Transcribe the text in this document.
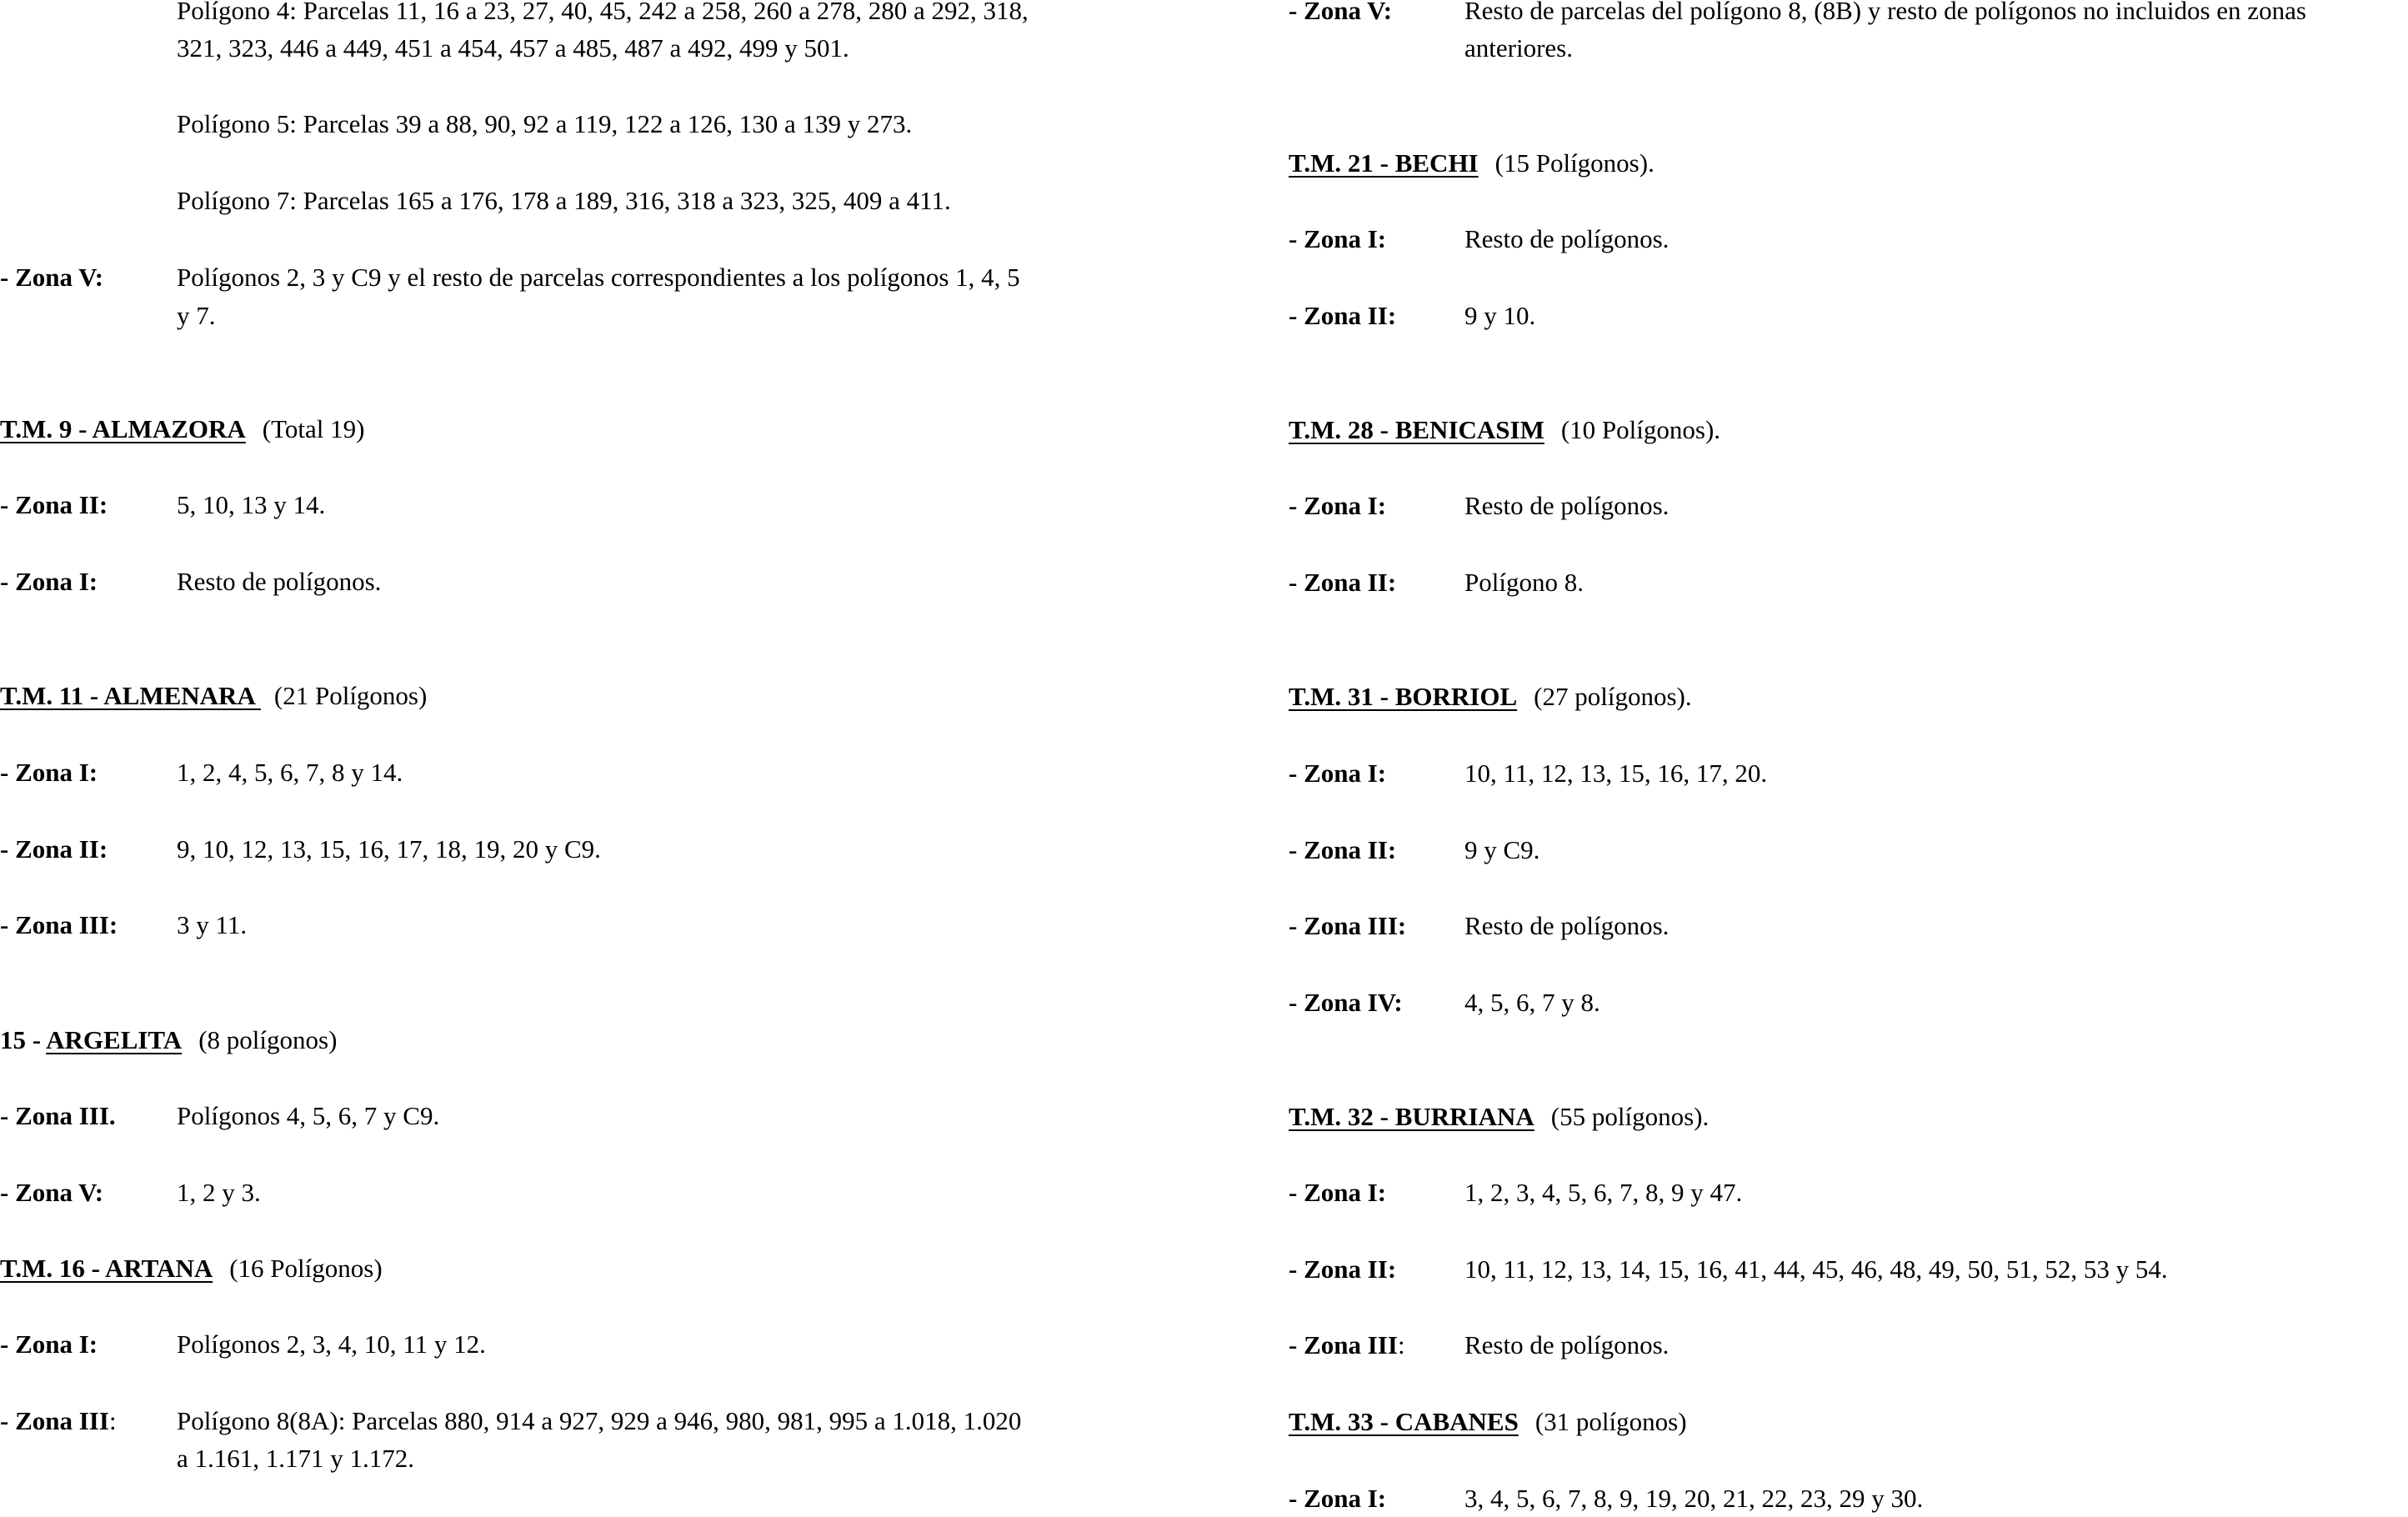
Polígono 4: Parcelas 11, 16 a 23, 27, 40, 45, 242 a 258, 260 a 278, 280 a 292, 318,
321, 323, 446 a 449, 451 a 454, 457 a 485, 487 a 492, 499 y 501.
Polígono 5: Parcelas 39 a 88, 90, 92 a 119, 122 a 126, 130 a 139 y 273.
Polígono 7: Parcelas 165 a 176, 178 a 189, 316, 318 a 323, 325, 409 a 411.
- Zona V:	Polígonos 2, 3 y C9 y el resto de parcelas correspondientes a los polígonos 1, 4, 5
y 7.
T.M. 9 - ALMAZORA (Total 19)
- Zona II:	5, 10, 13 y 14.
- Zona I:	Resto de polígonos.
T.M. 11 - ALMENARA (21 Polígonos)
- Zona I:	1, 2, 4, 5, 6, 7, 8 y 14.
- Zona II:	9, 10, 12, 13, 15, 16, 17, 18, 19, 20 y C9.
- Zona III: 3 y 11.
15 - ARGELITA (8 polígonos)
- Zona III. Polígonos 4, 5, 6, 7 y C9.
- Zona V:	1, 2 y 3.
T.M. 16 - ARTANA (16 Polígonos)
- Zona I:	Polígonos 2, 3, 4, 10, 11 y 12.
- Zona III: Polígono 8(8A): Parcelas 880, 914 a 927, 929 a 946, 980, 981, 995 a 1.018, 1.020
a 1.161, 1.171 y 1.172.
- Zona V:	Resto de parcelas del polígono 8, (8B) y resto de polígonos no incluidos en zonas
anteriores.
T.M. 21 - BECHI (15 Polígonos).
- Zona I:	Resto de polígonos.
- Zona II:	9 y 10.
T.M. 28 - BENICASIM (10 Polígonos).
- Zona I:	Resto de polígonos.
- Zona II:	Polígono 8.
T.M. 31 - BORRIOL (27 polígonos).
- Zona I:	10, 11, 12, 13, 15, 16, 17, 20.
- Zona II:	9 y C9.
- Zona III: Resto de polígonos.
- Zona IV: 4, 5, 6, 7 y 8.
T.M. 32 - BURRIANA (55 polígonos).
- Zona I:	1, 2, 3, 4, 5, 6, 7, 8, 9 y 47.
- Zona II:	10, 11, 12, 13, 14, 15, 16, 41, 44, 45, 46, 48, 49, 50, 51, 52, 53 y 54.
- Zona III: Resto de polígonos.
T.M. 33 - CABANES (31 polígonos)
- Zona I:	3, 4, 5, 6, 7, 8, 9, 19, 20, 21, 22, 23, 29 y 30.
